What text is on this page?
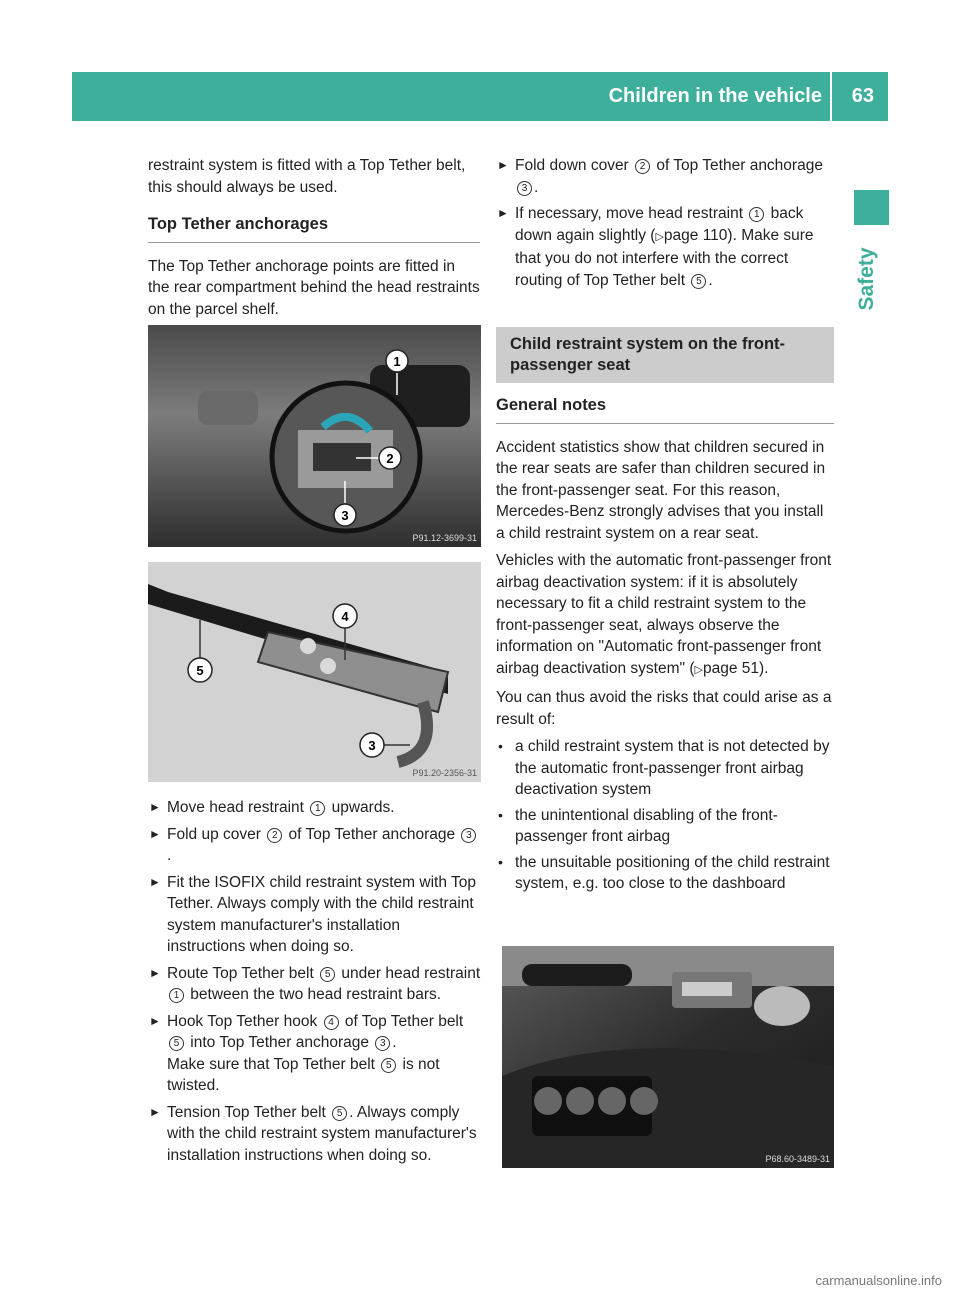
Children in the vehicle 63
Safety

restraint system is fitted with a Top Tether belt, this should always be used.

Top Tether anchorages

The Top Tether anchorage points are fitted in the rear compartment behind the head restraints on the parcel shelf.

P91.12-3699-31
1
2
3
P91.20-2356-31
4
5
3
► Move head restraint 1 upwards.
► Fold up cover 2 of Top Tether anchorage 3.
► Fit the ISOFIX child restraint system with Top Tether. Always comply with the child restraint system manufacturer's installation instructions when doing so.
► Route Top Tether belt 5 under head restraint 1 between the two head restraint bars.
► Hook Top Tether hook 4 of Top Tether belt 5 into Top Tether anchorage 3 .
Make sure that Top Tether belt 5 is not twisted.
► Tension Top Tether belt 5 . Always comply with the child restraint system manufacturer's installation instructions when doing so.
► Fold down cover 2 of Top Tether anchorage 3 .
► If necessary, move head restraint 1 back down again slightly (▷page 110). Make sure that you do not interfere with the correct routing of Top Tether belt 5 .
Child restraint system on the front-passenger seat
General notes

Accident statistics show that children secured in the rear seats are safer than children secured in the front-passenger seat. For this reason, Mercedes-Benz strongly advises that you install a child restraint system on a rear seat.

Vehicles with the automatic front-passenger front airbag deactivation system: if it is absolutely necessary to fit a child restraint system to the front-passenger seat, always observe the information on "Automatic front-passenger front airbag deactivation system" (▷page 51).

You can thus avoid the risks that could arise as a result of:

• a child restraint system that is not detected by the automatic front-passenger front airbag deactivation system
• the unintentional disabling of the front-passenger front airbag
• the unsuitable positioning of the child restraint system, e.g. too close to the dashboard
P68.60-3489-31
carmanualsonline.info
